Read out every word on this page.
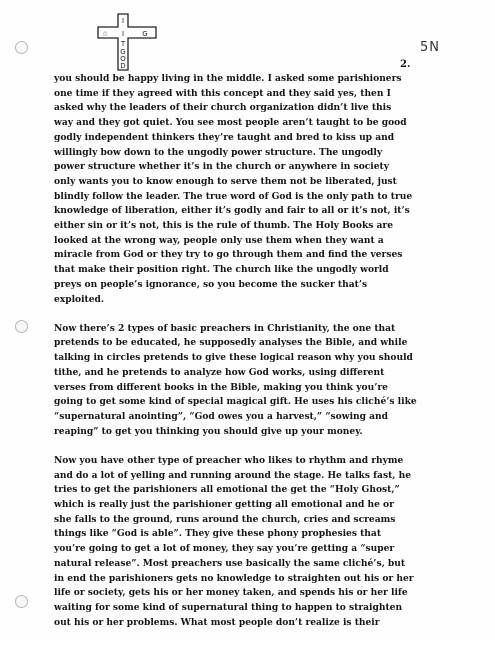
I
☆ I	G
T
G
O
D
5N
2.

you should be happy living in the middle. I asked some parishioners
one time if they agreed with this concept and they said yes, then I
asked why the leaders of their church organization didn’t live this
way and they got quiet. You see most people aren’t taught to be good
godly independent thinkers they’re taught and bred to kiss up and
willingly bow down to the ungodly power structure. The ungodly
power structure whether it’s in the church or anywhere in society
only wants you to know enough to serve them not be liberated, just
blindly follow the leader. The true word of God is the only path to true
knowledge of liberation, either it’s godly and fair to all or it’s not, it’s
either sin or it’s not, this is the rule of thumb. The Holy Books are
looked at the wrong way, people only use them when they want a
miracle from God or they try to go through them and find the verses
that make their position right. The church like the ungodly world
preys on people’s ignorance, so you become the sucker that’s
exploited.

Now there’s 2 types of basic preachers in Christianity, the one that
pretends to be educated, he supposedly analyses the Bible, and while
talking in circles pretends to give these logical reason why you should
tithe, and he pretends to analyze how God works, using different
verses from different books in the Bible, making you think you’re
going to get some kind of special magical gift. He uses his cliché’s like
“supernatural anointing”, “God owes you a harvest,” “sowing and
reaping” to get you thinking you should give up your money.

Now you have other type of preacher who likes to rhythm and rhyme
and do a lot of yelling and running around the stage. He talks fast, he
tries to get the parishioners all emotional the get the “Holy Ghost,”
which is really just the parishioner getting all emotional and he or
she falls to the ground, runs around the church, cries and screams
things like “God is able”. They give these phony prophesies that
you’re going to get a lot of money, they say you’re getting a “super
natural release”. Most preachers use basically the same cliché’s, but
in end the parishioners gets no knowledge to straighten out his or her
life or society, gets his or her money taken, and spends his or her life
waiting for some kind of supernatural thing to happen to straighten
out his or her problems. What most people don’t realize is their
